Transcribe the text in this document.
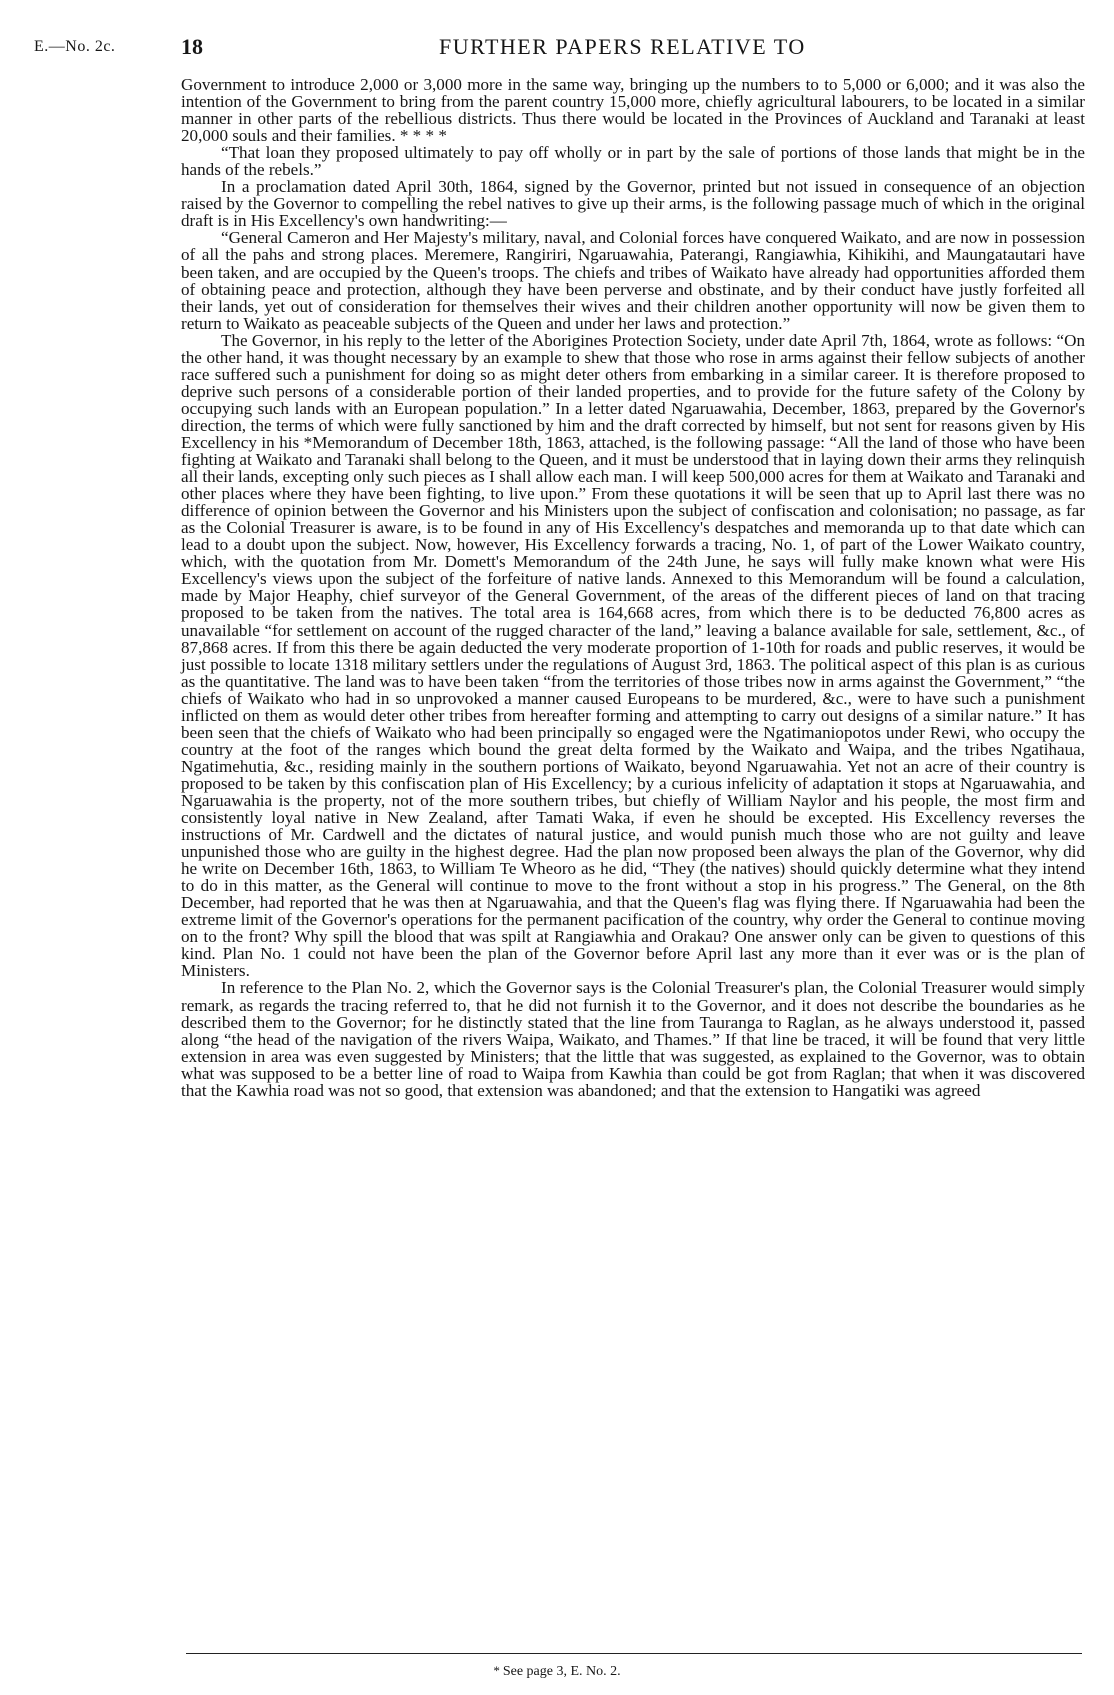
E.—No. 2c.	18	FURTHER PAPERS RELATIVE TO

Government to introduce 2,000 or 3,000 more in the same way, bringing up the numbers to to 5,000 or 6,000; and it was also the intention of the Government to bring from the parent country 15,000 more, chiefly agricultural labourers, to be located in a similar manner in other parts of the rebellious districts. Thus there would be located in the Provinces of Auckland and Taranaki at least 20,000 souls and their families. * * * *

“That loan they proposed ultimately to pay off wholly or in part by the sale of portions of those lands that might be in the hands of the rebels.”

In a proclamation dated April 30th, 1864, signed by the Governor, printed but not issued in consequence of an objection raised by the Governor to compelling the rebel natives to give up their arms, is the following passage much of which in the original draft is in His Excellency's own handwriting:—

“General Cameron and Her Majesty's military, naval, and Colonial forces have conquered Waikato, and are now in possession of all the pahs and strong places. Meremere, Rangiriri, Ngaruawahia, Paterangi, Rangiawhia, Kihikihi, and Maungatautari have been taken, and are occupied by the Queen's troops. The chiefs and tribes of Waikato have already had opportunities afforded them of obtaining peace and protection, although they have been perverse and obstinate, and by their conduct have justly forfeited all their lands, yet out of consideration for themselves their wives and their children another opportunity will now be given them to return to Waikato as peaceable subjects of the Queen and under her laws and protection.”

The Governor, in his reply to the letter of the Aborigines Protection Society, under date April 7th, 1864, wrote as follows: “On the other hand, it was thought necessary by an example to shew that those who rose in arms against their fellow subjects of another race suffered such a punishment for doing so as might deter others from embarking in a similar career. It is therefore proposed to deprive such persons of a considerable portion of their landed properties, and to provide for the future safety of the Colony by occupying such lands with an European population.” In a letter dated Ngaruawahia, December, 1863, prepared by the Governor's direction, the terms of which were fully sanctioned by him and the draft corrected by himself, but not sent for reasons given by His Excellency in his *Memorandum of December 18th, 1863, attached, is the following passage: “All the land of those who have been fighting at Waikato and Taranaki shall belong to the Queen, and it must be understood that in laying down their arms they relinquish all their lands, excepting only such pieces as I shall allow each man. I will keep 500,000 acres for them at Waikato and Taranaki and other places where they have been fighting, to live upon.” From these quotations it will be seen that up to April last there was no difference of opinion between the Governor and his Ministers upon the subject of confiscation and colonisation; no passage, as far as the Colonial Treasurer is aware, is to be found in any of His Excellency's despatches and memoranda up to that date which can lead to a doubt upon the subject. Now, however, His Excellency forwards a tracing, No. 1, of part of the Lower Waikato country, which, with the quotation from Mr. Domett's Memorandum of the 24th June, he says will fully make known what were His Excellency's views upon the subject of the forfeiture of native lands. Annexed to this Memorandum will be found a calculation, made by Major Heaphy, chief surveyor of the General Government, of the areas of the different pieces of land on that tracing proposed to be taken from the natives. The total area is 164,668 acres, from which there is to be deducted 76,800 acres as unavailable “for settlement on account of the rugged character of the land,” leaving a balance available for sale, settlement, &c., of 87,868 acres. If from this there be again deducted the very moderate proportion of 1-10th for roads and public reserves, it would be just possible to locate 1318 military settlers under the regulations of August 3rd, 1863. The political aspect of this plan is as curious as the quantitative. The land was to have been taken “from the territories of those tribes now in arms against the Government,” “the chiefs of Waikato who had in so unprovoked a manner caused Europeans to be murdered, &c., were to have such a punishment inflicted on them as would deter other tribes from hereafter forming and attempting to carry out designs of a similar nature.” It has been seen that the chiefs of Waikato who had been principally so engaged were the Ngatimaniopotos under Rewi, who occupy the country at the foot of the ranges which bound the great delta formed by the Waikato and Waipa, and the tribes Ngatihaua, Ngatimehutia, &c., residing mainly in the southern portions of Waikato, beyond Ngaruawahia. Yet not an acre of their country is proposed to be taken by this confiscation plan of His Excellency; by a curious infelicity of adaptation it stops at Ngaruawahia, and Ngaruawahia is the property, not of the more southern tribes, but chiefly of William Naylor and his people, the most firm and consistently loyal native in New Zealand, after Tamati Waka, if even he should be excepted. His Excellency reverses the instructions of Mr. Cardwell and the dictates of natural justice, and would punish much those who are not guilty and leave unpunished those who are guilty in the highest degree. Had the plan now proposed been always the plan of the Governor, why did he write on December 16th, 1863, to William Te Wheoro as he did, “They (the natives) should quickly determine what they intend to do in this matter, as the General will continue to move to the front without a stop in his progress.” The General, on the 8th December, had reported that he was then at Ngaruawahia, and that the Queen's flag was flying there. If Ngaruawahia had been the extreme limit of the Governor's operations for the permanent pacification of the country, why order the General to continue moving on to the front? Why spill the blood that was spilt at Rangiawhia and Orakau? One answer only can be given to questions of this kind. Plan No. 1 could not have been the plan of the Governor before April last any more than it ever was or is the plan of Ministers.

In reference to the Plan No. 2, which the Governor says is the Colonial Treasurer's plan, the Colonial Treasurer would simply remark, as regards the tracing referred to, that he did not furnish it to the Governor, and it does not describe the boundaries as he described them to the Governor; for he distinctly stated that the line from Tauranga to Raglan, as he always understood it, passed along “the head of the navigation of the rivers Waipa, Waikato, and Thames.” If that line be traced, it will be found that very little extension in area was even suggested by Ministers; that the little that was suggested, as explained to the Governor, was to obtain what was supposed to be a better line of road to Waipa from Kawhia than could be got from Raglan; that when it was discovered that the Kawhia road was not so good, that extension was abandoned; and that the extension to Hangatiki was agreed

* See page 3, E. No. 2.
